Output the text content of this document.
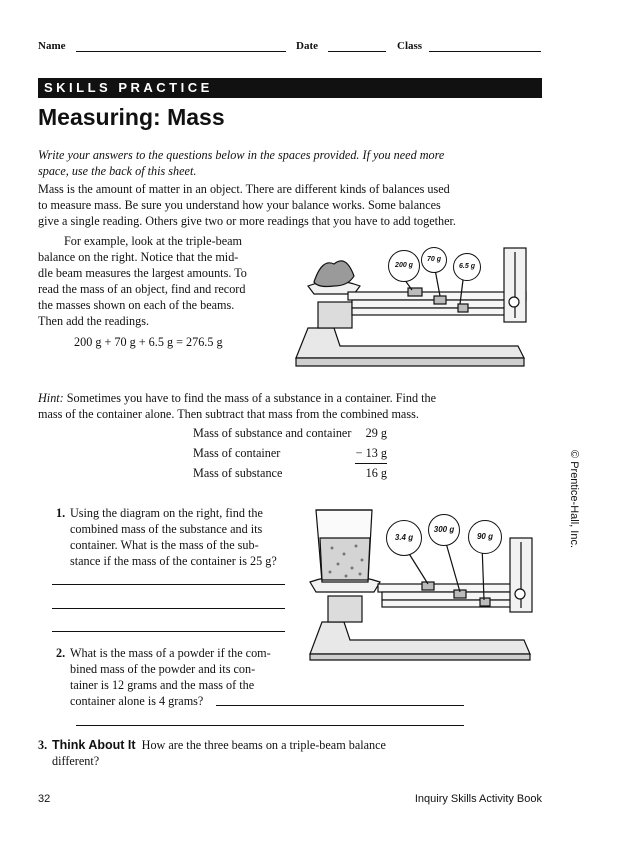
Name	Date	Class
SKILLS PRACTICE
Measuring: Mass
Write your answers to the questions below in the spaces provided. If you need more
space, use the back of this sheet.
Mass is the amount of matter in an object. There are different kinds of balances used
to measure mass. Be sure you understand how your balance works. Some balances
give a single reading. Others give two or more readings that you have to add together.
For example, look at the triple-beam
balance on the right. Notice that the mid-
dle beam measures the largest amounts. To
read the mass of an object, find and record
the masses shown on each of the beams.
Then add the readings.
200 g + 70 g + 6.5 g = 276.5 g
200 g
70 g
6.5 g
Hint: Sometimes you have to find the mass of a substance in a container. Find the
mass of the container alone. Then subtract that mass from the combined mass.
Mass of substance and container	29 g
Mass of container	− 13 g
Mass of substance	16 g
1. Using the diagram on the right, find the
combined mass of the substance and its
container. What is the mass of the sub-
stance if the mass of the container is 25 g?
3.4 g
300 g
90 g	© Prentice-Hall, Inc.
2. What is the mass of a powder if the com-
bined mass of the powder and its con-
tainer is 12 grams and the mass of the
container alone is 4 grams?
3. Think About It How are the three beams on a triple-beam balance
different?
32	Inquiry Skills Activity Book
